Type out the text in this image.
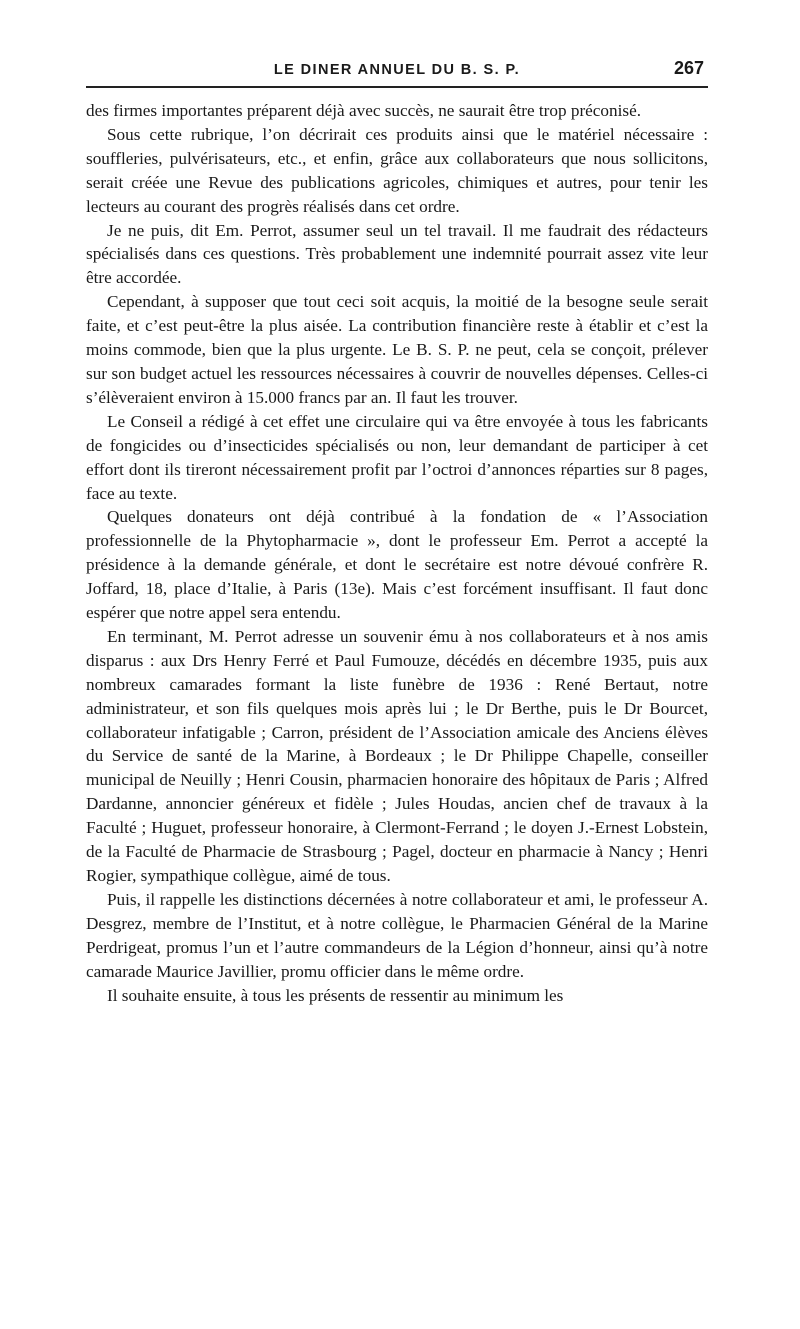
LE DINER ANNUEL DU B. S. P.	267

des firmes importantes préparent déjà avec succès, ne saurait être trop préconisé.

Sous cette rubrique, l’on décrirait ces produits ainsi que le matériel nécessaire : souffleries, pulvérisateurs, etc., et enfin, grâce aux collaborateurs que nous sollicitons, serait créée une Revue des publications agricoles, chimiques et autres, pour tenir les lecteurs au courant des progrès réalisés dans cet ordre.

Je ne puis, dit Em. Perrot, assumer seul un tel travail. Il me faudrait des rédacteurs spécialisés dans ces questions. Très probablement une indemnité pourrait assez vite leur être accordée.

Cependant, à supposer que tout ceci soit acquis, la moitié de la besogne seule serait faite, et c’est peut-être la plus aisée. La contribution financière reste à établir et c’est la moins commode, bien que la plus urgente. Le B. S. P. ne peut, cela se conçoit, prélever sur son budget actuel les ressources nécessaires à couvrir de nouvelles dépenses. Celles-ci s’élèveraient environ à 15.000 francs par an. Il faut les trouver.

Le Conseil a rédigé à cet effet une circulaire qui va être envoyée à tous les fabricants de fongicides ou d’insecticides spécialisés ou non, leur demandant de participer à cet effort dont ils tireront nécessairement profit par l’octroi d’annonces réparties sur 8 pages, face au texte.

Quelques donateurs ont déjà contribué à la fondation de « l’Association professionnelle de la Phytopharmacie », dont le professeur Em. Perrot a accepté la présidence à la demande générale, et dont le secrétaire est notre dévoué confrère R. Joffard, 18, place d’Italie, à Paris (13e). Mais c’est forcément insuffisant. Il faut donc espérer que notre appel sera entendu.

En terminant, M. Perrot adresse un souvenir ému à nos collaborateurs et à nos amis disparus : aux Drs Henry Ferré et Paul Fumouze, décédés en décembre 1935, puis aux nombreux camarades formant la liste funèbre de 1936 : René Bertaut, notre administrateur, et son fils quelques mois après lui ; le Dr Berthe, puis le Dr Bourcet, collaborateur infatigable ; Carron, président de l’Association amicale des Anciens élèves du Service de santé de la Marine, à Bordeaux ; le Dr Philippe Chapelle, conseiller municipal de Neuilly ; Henri Cousin, pharmacien honoraire des hôpitaux de Paris ; Alfred Dardanne, annoncier généreux et fidèle ; Jules Houdas, ancien chef de travaux à la Faculté ; Huguet, professeur honoraire, à Clermont-Ferrand ; le doyen J.-Ernest Lobstein, de la Faculté de Pharmacie de Strasbourg ; Pagel, docteur en pharmacie à Nancy ; Henri Rogier, sympathique collègue, aimé de tous.

Puis, il rappelle les distinctions décernées à notre collaborateur et ami, le professeur A. Desgrez, membre de l’Institut, et à notre collègue, le Pharmacien Général de la Marine Perdrigeat, promus l’un et l’autre commandeurs de la Légion d’honneur, ainsi qu’à notre camarade Maurice Javillier, promu officier dans le même ordre.

Il souhaite ensuite, à tous les présents de ressentir au minimum les
